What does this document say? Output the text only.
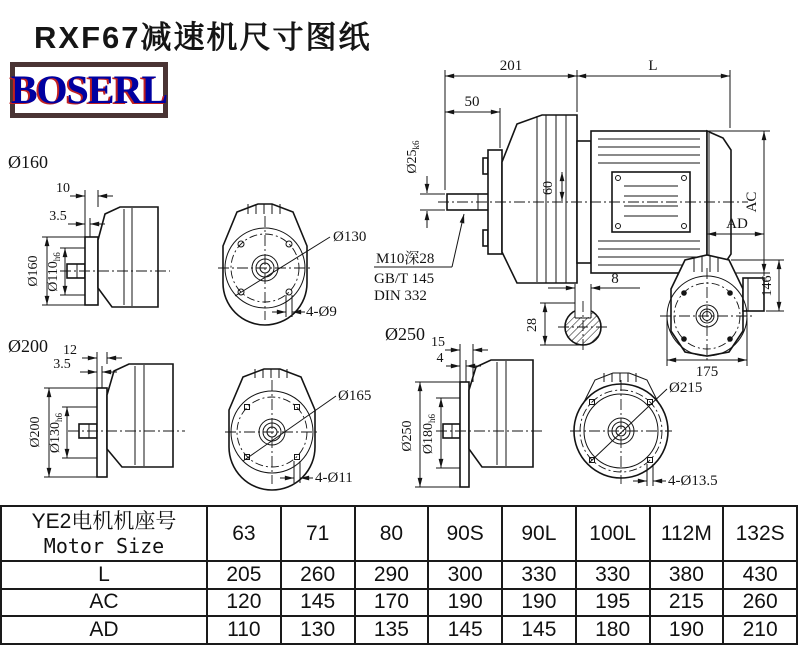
RXF67减速机尺寸图纸
BOSERL
201	L
50
$Ø25_{k6}$
60
AC
AD
146
175
M10深28
GB/T 145
DIN 332
8
28
Ø160
10
3.5
Ø160 $Ø110_{h6}$
Ø130
4-Ø9
Ø200 12
3.5
Ø200 $Ø130_{h6}$
Ø165
4-Ø11
Ø250 15
4
Ø250 $Ø180_{h6}$
Ø215
4-Ø13.5
YE2电机机座号
Motor Size	63	71	80	90S	90L	100L	112M	132S
L	205	260	290	300	330	330	380	430
AC	120	145	170	190	190	195	215	260
AD	110	130	135	145	145	180	190	210
